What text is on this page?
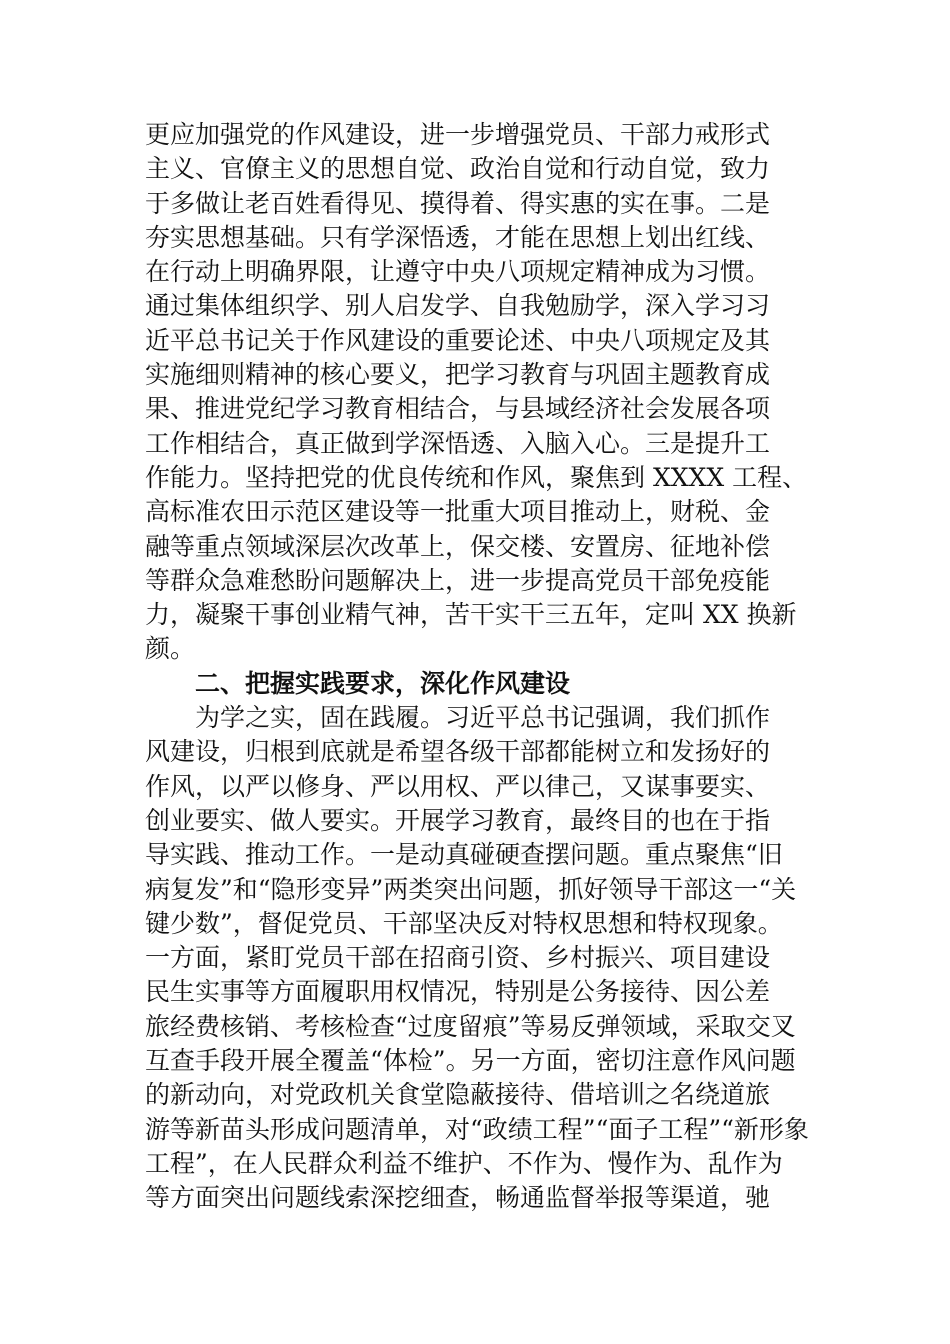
更应加强党的作风建设，进一步增强党员、干部力戒形式
主义、官僚主义的思想自觉、政治自觉和行动自觉，致力
于多做让老百姓看得见、摸得着、得实惠的实在事。二是
夯实思想基础。只有学深悟透，才能在思想上划出红线、
在行动上明确界限，让遵守中央八项规定精神成为习惯。
通过集体组织学、别人启发学、自我勉励学，深入学习习
近平总书记关于作风建设的重要论述、中央八项规定及其
实施细则精神的核心要义，把学习教育与巩固主题教育成
果、推进党纪学习教育相结合，与县域经济社会发展各项
工作相结合，真正做到学深悟透、入脑入心。三是提升工
作能力。坚持把党的优良传统和作风，聚焦到 XXXX 工程、
高标准农田示范区建设等一批重大项目推动上，财税、金
融等重点领域深层次改革上，保交楼、安置房、征地补偿
等群众急难愁盼问题解决上，进一步提高党员干部免疫能
力，凝聚干事创业精气神，苦干实干三五年，定叫 XX 换新
颜。
二、把握实践要求，深化作风建设
为学之实，固在践履。习近平总书记强调，我们抓作
风建设，归根到底就是希望各级干部都能树立和发扬好的
作风，以严以修身、严以用权、严以律己，又谋事要实、
创业要实、做人要实。开展学习教育，最终目的也在于指
导实践、推动工作。一是动真碰硬查摆问题。重点聚焦“旧
病复发”和“隐形变异”两类突出问题，抓好领导干部这一“关
键少数”，督促党员、干部坚决反对特权思想和特权现象。
一方面，紧盯党员干部在招商引资、乡村振兴、项目建设
民生实事等方面履职用权情况，特别是公务接待、因公差
旅经费核销、考核检查“过度留痕”等易反弹领域，采取交叉
互查手段开展全覆盖“体检”。另一方面，密切注意作风问题
的新动向，对党政机关食堂隐蔽接待、借培训之名绕道旅
游等新苗头形成问题清单，对“政绩工程”“面子工程”“新形象
工程”，在人民群众利益不维护、不作为、慢作为、乱作为
等方面突出问题线索深挖细查，畅通监督举报等渠道，驰
